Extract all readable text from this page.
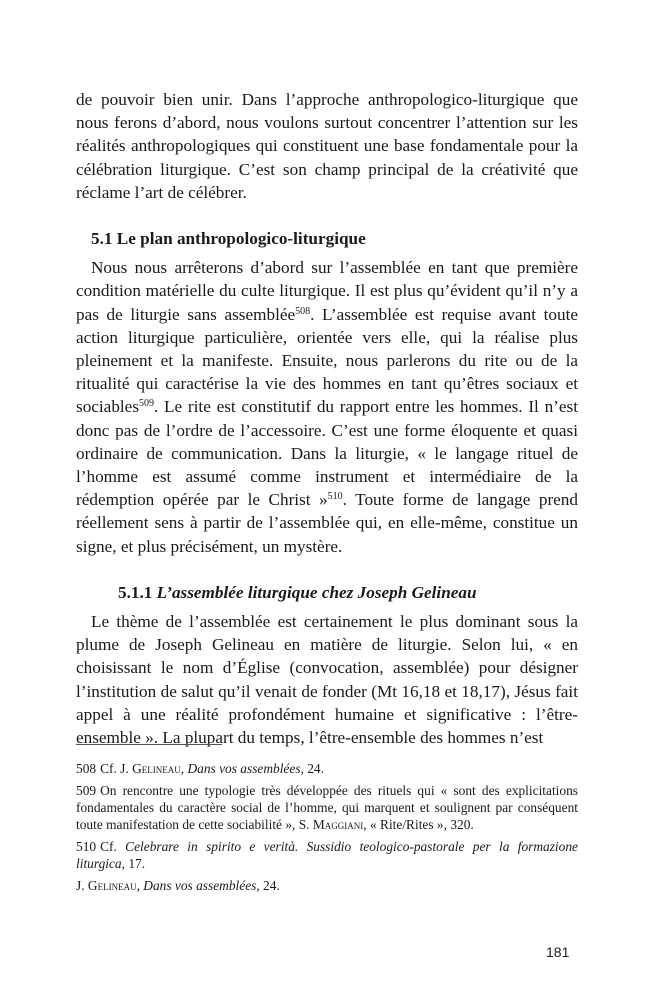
de pouvoir bien unir. Dans l’approche anthropologico-liturgique que nous ferons d’abord, nous voulons surtout concentrer l’attention sur les réalités anthropologiques qui constituent une base fondamentale pour la célébration liturgique. C’est son champ principal de la créativité que réclame l’art de célébrer.

5.1 Le plan anthropologico-liturgique

Nous nous arrêterons d’abord sur l’assemblée en tant que première condition matérielle du culte liturgique. Il est plus qu’évident qu’il n’y a pas de liturgie sans assemblée$^{508}$. L’assemblée est requise avant toute action liturgique particulière, orientée vers elle, qui la réalise plus pleinement et la manifeste. Ensuite, nous parlerons du rite ou de la ritualité qui caractérise la vie des hommes en tant qu’êtres sociaux et sociables$^{509}$. Le rite est constitutif du rapport entre les hommes. Il n’est donc pas de l’ordre de l’accessoire. C’est une forme éloquente et quasi ordinaire de communication. Dans la liturgie, « le langage rituel de l’homme est assumé comme instrument et intermédiaire de la rédemption opérée par le Christ »$^{510}$. Toute forme de langage prend réellement sens à partir de l’assemblée qui, en elle-même, constitue un signe, et plus précisément, un mystère.

5.1.1 L’assemblée liturgique chez Joseph Gelineau

Le thème de l’assemblée est certainement le plus dominant sous la plume de Joseph Gelineau en matière de liturgie. Selon lui, « en choisissant le nom d’Église (convocation, assemblée) pour désigner l’institution de salut qu’il venait de fonder (Mt 16,18 et 18,17), Jésus fait appel à une réalité profondément humaine et significative : l’être-ensemble ». La plupart du temps, l’être-ensemble des hommes n’est

508 Cf. J. Gelineau, Dans vos assemblées, 24.

509 On rencontre une typologie très développée des rituels qui « sont des explicitations fondamentales du caractère social de l’homme, qui marquent et soulignent par conséquent toute manifestation de cette sociabilité », S. Maggiani, « Rite/Rites », 320.

510 Cf. Celebrare in spirito e verità. Sussidio teologico-pastorale per la formazione liturgica, 17.

J. Gelineau, Dans vos assemblées, 24.

181
